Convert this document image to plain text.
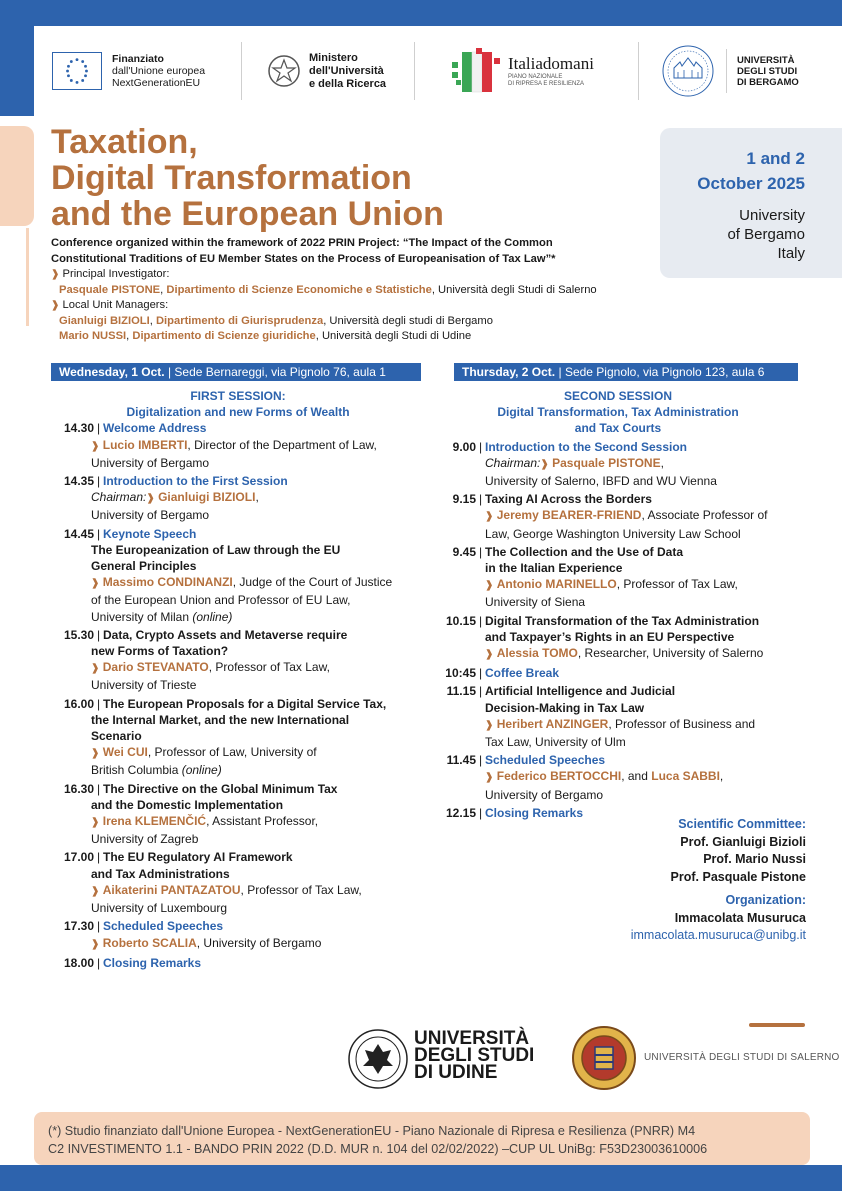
Finanziato
dall'Unione europea
NextGenerationEU
Ministero
dell'Università
e della Ricerca
Italiadomani
PIANO NAZIONALE
DI RIPRESA E RESILIENZA
UNIVERSITÀ
DEGLI STUDI
DI BERGAMO
Taxation,
Digital Transformation
and the European Union
1 and 2
October 2025
University
of Bergamo
Italy
Conference organized within the framework of 2022 PRIN Project: “The Impact of the Common
Constitutional Traditions of EU Member States on the Process of Europeanisation of Tax Law”*
❱ Principal Investigator:
Pasquale PISTONE, Dipartimento di Scienze Economiche e Statistiche, Università degli Studi di Salerno
❱ Local Unit Managers:
Gianluigi BIZIOLI, Dipartimento di Giurisprudenza, Università degli studi di Bergamo
Mario NUSSI, Dipartimento di Scienze giuridiche, Università degli Studi di Udine
Wednesday, 1 Oct. | Sede Bernareggi, via Pignolo 76, aula 1	Thursday, 2 Oct. | Sede Pignolo, via Pignolo 123, aula 6
FIRST SESSION:
Digitalization and new Forms of Wealth
14.30 | Welcome Address
❱ Lucio IMBERTI, Director of the Department of Law,
University of Bergamo
14.35 | Introduction to the First Session
Chairman:❱ Gianluigi BIZIOLI,
University of Bergamo
14.45 | Keynote Speech
The Europeanization of Law through the EU
General Principles
❱ Massimo CONDINANZI, Judge of the Court of Justice
of the European Union and Professor of EU Law,
University of Milan (online)
15.30 | Data, Crypto Assets and Metaverse require
new Forms of Taxation?
❱ Dario STEVANATO, Professor of Tax Law,
University of Trieste
16.00 | The European Proposals for a Digital Service Tax,
the Internal Market, and the new International
Scenario
❱ Wei CUI, Professor of Law, University of
British Columbia (online)
16.30 | The Directive on the Global Minimum Tax
and the Domestic Implementation
❱ Irena KLEMENČIĆ, Assistant Professor,
University of Zagreb
17.00 | The EU Regulatory AI Framework
and Tax Administrations
❱ Aikaterini PANTAZATOU, Professor of Tax Law,
University of Luxembourg
17.30 | Scheduled Speeches
❱ Roberto SCALIA, University of Bergamo
18.00 | Closing Remarks
SECOND SESSION
Digital Transformation, Tax Administration
and Tax Courts
9.00 | Introduction to the Second Session
Chairman:❱ Pasquale PISTONE,
University of Salerno, IBFD and WU Vienna
9.15 | Taxing AI Across the Borders
❱ Jeremy BEARER-FRIEND, Associate Professor of
Law, George Washington University Law School
9.45 | The Collection and the Use of Data
in the Italian Experience
❱ Antonio MARINELLO, Professor of Tax Law,
University of Siena
10.15 | Digital Transformation of the Tax Administration
and Taxpayer’s Rights in an EU Perspective
❱ Alessia TOMO, Researcher, University of Salerno
10:45 | Coffee Break
11.15 | Artificial Intelligence and Judicial
Decision-Making in Tax Law
❱ Heribert ANZINGER, Professor of Business and
Tax Law, University of Ulm
11.45 | Scheduled Speeches
❱ Federico BERTOCCHI, and Luca SABBI,
University of Bergamo
12.15 | Closing Remarks
Scientific Committee:
Prof. Gianluigi Bizioli
Prof. Mario Nussi
Prof. Pasquale Pistone
Organization:
Immacolata Musuruca
immacolata.musuruca@unibg.it
UNIVERSITÀ
DEGLI STUDI
DI UDINE
UNIVERSITÀ DEGLI STUDI DI SALERNO
(*) Studio finanziato dall'Unione Europea - NextGenerationEU - Piano Nazionale di Ripresa e Resilienza (PNRR) M4
C2 INVESTIMENTO 1.1 - BANDO PRIN 2022 (D.D. MUR n. 104 del 02/02/2022) –CUP UL UniBg: F53D23003610006
